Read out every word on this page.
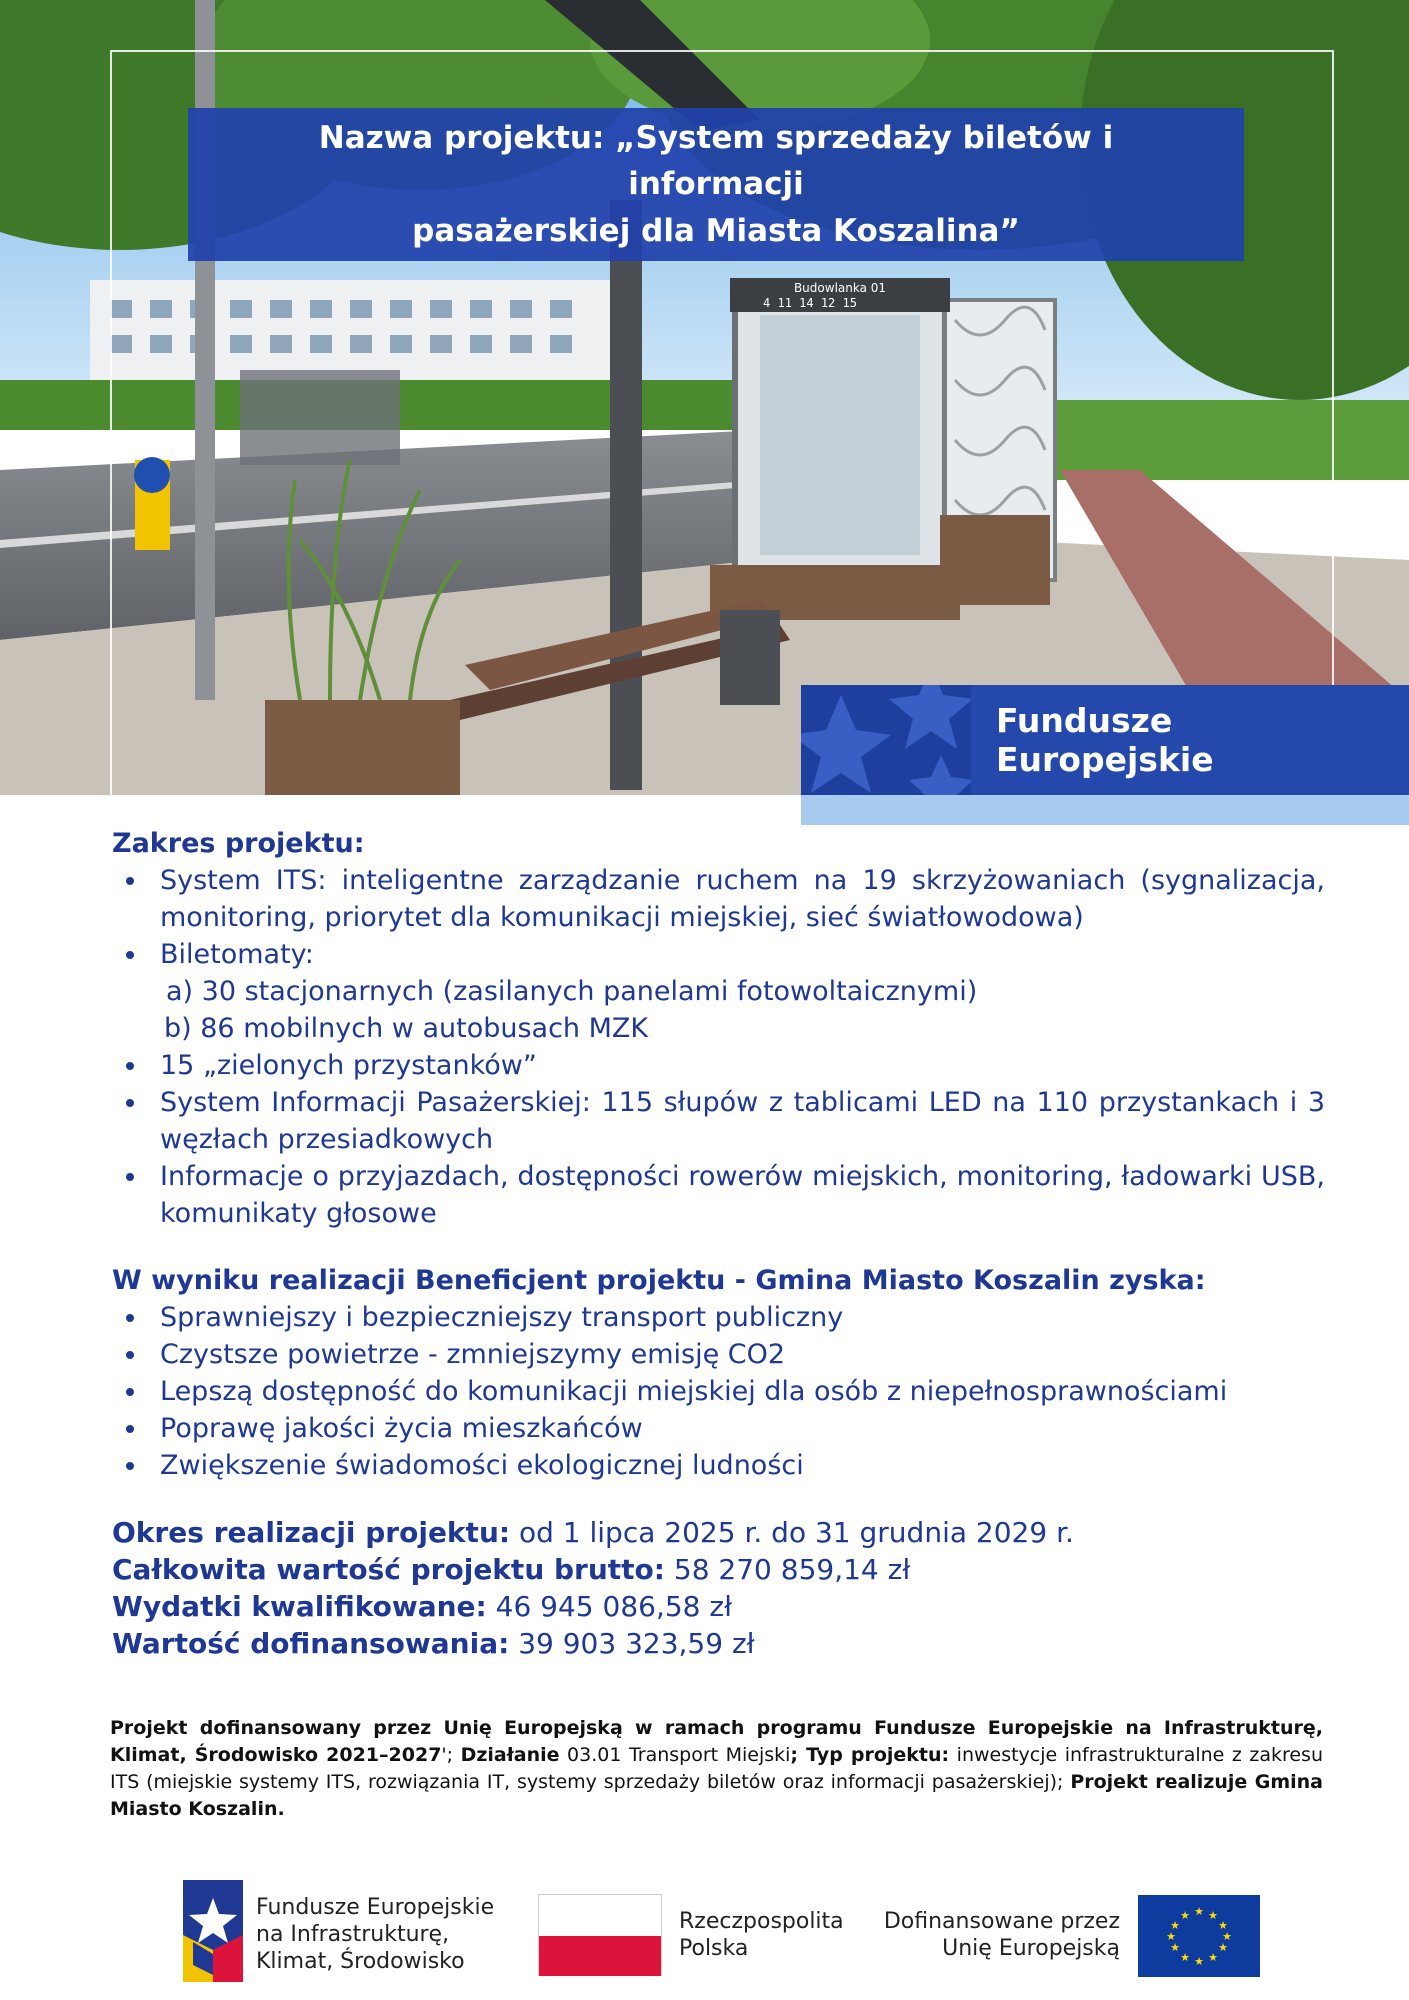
Budowlanka 01
4 11 14 12 15
Nazwa projektu: „System sprzedaży biletów i informacji
pasażerskiej dla Miasta Koszalina”
Fundusze Europejskie
Zakres projektu:
System ITS: inteligentne zarządzanie ruchem na 19 skrzyżowaniach (sygnalizacja, monitoring, priorytet dla komunikacji miejskiej, sieć światłowodowa)
Biletomaty:
a) 30 stacjonarnych (zasilanych panelami fotowoltaicznymi)
b) 86 mobilnych w autobusach MZK
15 „zielonych przystanków”
System Informacji Pasażerskiej: 115 słupów z tablicami LED na 110 przystankach i 3 węzłach przesiadkowych
Informacje o przyjazdach, dostępności rowerów miejskich, monitoring, ładowarki USB, komunikaty głosowe
W wyniku realizacji Beneficjent projektu - Gmina Miasto Koszalin zyska:
Sprawniejszy i bezpieczniejszy transport publiczny
Czystsze powietrze - zmniejszymy emisję CO2
Lepszą dostępność do komunikacji miejskiej dla osób z niepełnosprawnościami
Poprawę jakości życia mieszkańców
Zwiększenie świadomości ekologicznej ludności
Okres realizacji projektu: od 1 lipca 2025 r. do 31 grudnia 2029 r.
Całkowita wartość projektu brutto: 58 270 859,14 zł
Wydatki kwalifikowane: 46 945 086,58 zł
Wartość dofinansowania: 39 903 323,59 zł
Projekt dofinansowany przez Unię Europejską w ramach programu Fundusze Europejskie na Infrastrukturę, Klimat, Środowisko 2021–2027'; Działanie 03.01 Transport Miejski; Typ projektu: inwestycje infrastrukturalne z zakresu ITS (miejskie systemy ITS, rozwiązania IT, systemy sprzedaży biletów oraz informacji pasażerskiej); Projekt realizuje Gmina Miasto Koszalin.
Fundusze Europejskie
na Infrastrukturę,
Klimat, Środowisko
Rzeczpospolita
Polska
Dofinansowane przez
Unię Europejską
★ ★
★
★
★
★
★
★
★
★
★
★
